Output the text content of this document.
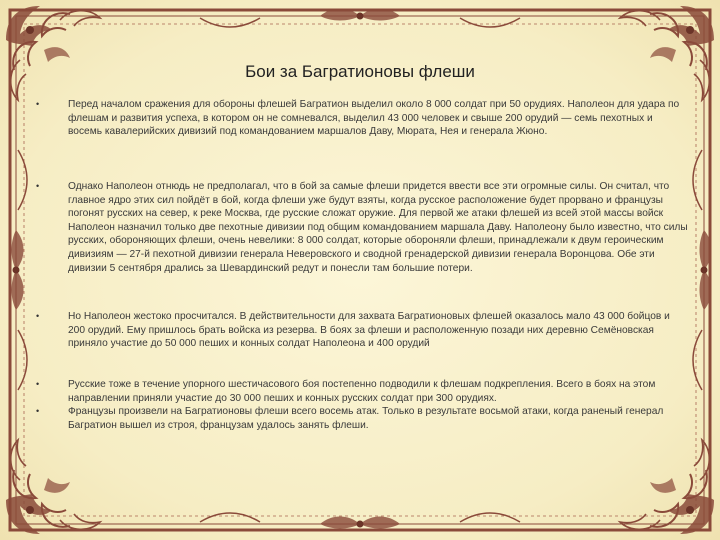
Бои за Багратионовы флеши
•	Перед началом сражения для обороны флешей Багратион выделил около 8 000 солдат при 50 орудиях. Наполеон для удара по флешам и развития успеха, в котором он не сомневался, выделил 43 000 человек и свыше 200 орудий — семь пехотных и восемь кавалерийских дивизий под командованием маршалов Даву, Мюрата, Нея и генерала Жюно.
•	Однако Наполеон отнюдь не предполагал, что в бой за самые флеши придется ввести все эти огромные силы. Он считал, что главное ядро этих сил пойдёт в бой, когда флеши уже будут взяты, когда русское расположение будет прорвано и французы погонят русских на север, к реке Москва, где русские сложат оружие. Для первой же атаки флешей из всей этой массы войск Наполеон назначил только две пехотные дивизии под общим командованием маршала Даву. Наполеону было известно, что силы русских, обороняющих флеши, очень невелики: 8 000 солдат, которые обороняли флеши, принадлежали к двум героическим дивизиям — 27-й пехотной дивизии генерала Неверовского и сводной гренадерской дивизии генерала Воронцова. Обе эти дивизии 5 сентября дрались за Шевардинский редут и понесли там большие потери.
•	Но Наполеон жестоко просчитался. В действительности для захвата Багратионовых флешей оказалось мало 43 000 бойцов и 200 орудий. Ему пришлось брать войска из резерва. В боях за флеши и расположенную позади них деревню Семёновская приняло участие до 50 000 пеших и конных солдат Наполеона и 400 орудий
•	Русские тоже в течение упорного шестичасового боя постепенно подводили к флешам подкрепления. Всего в боях на этом направлении приняли участие до 30 000 пеших и конных русских солдат при 300 орудиях.
•	Французы произвели на Багратионовы флеши всего восемь атак. Только в результате восьмой атаки, когда раненый генерал Багратион вышел из строя, французам удалось занять флеши.
